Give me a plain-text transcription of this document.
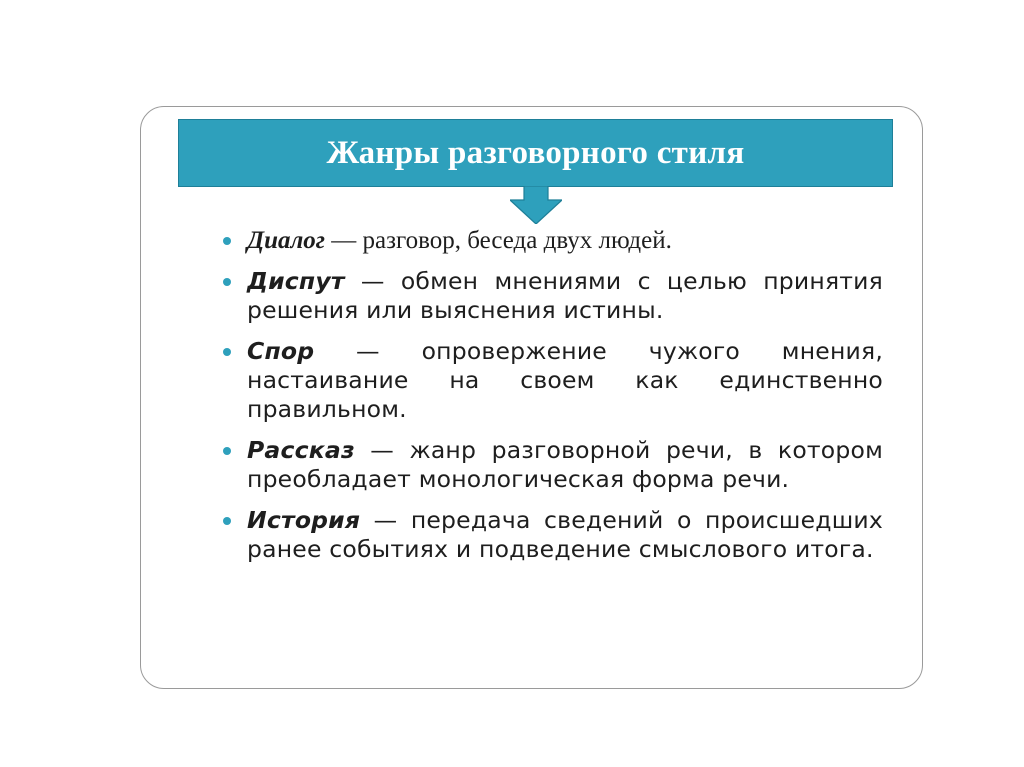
Жанры разговорного стиля
Диалог — разговор, беседа двух людей.
Диспут — обмен мнениями с целью принятия решения или выяснения истины.
Спор — опровержение чужого мнения, настаивание на своем как единственно правильном.
Рассказ — жанр разговорной речи, в котором преобладает монологическая форма речи.
История — передача сведений о происшедших ранее событиях и подведение смыслового итога.
